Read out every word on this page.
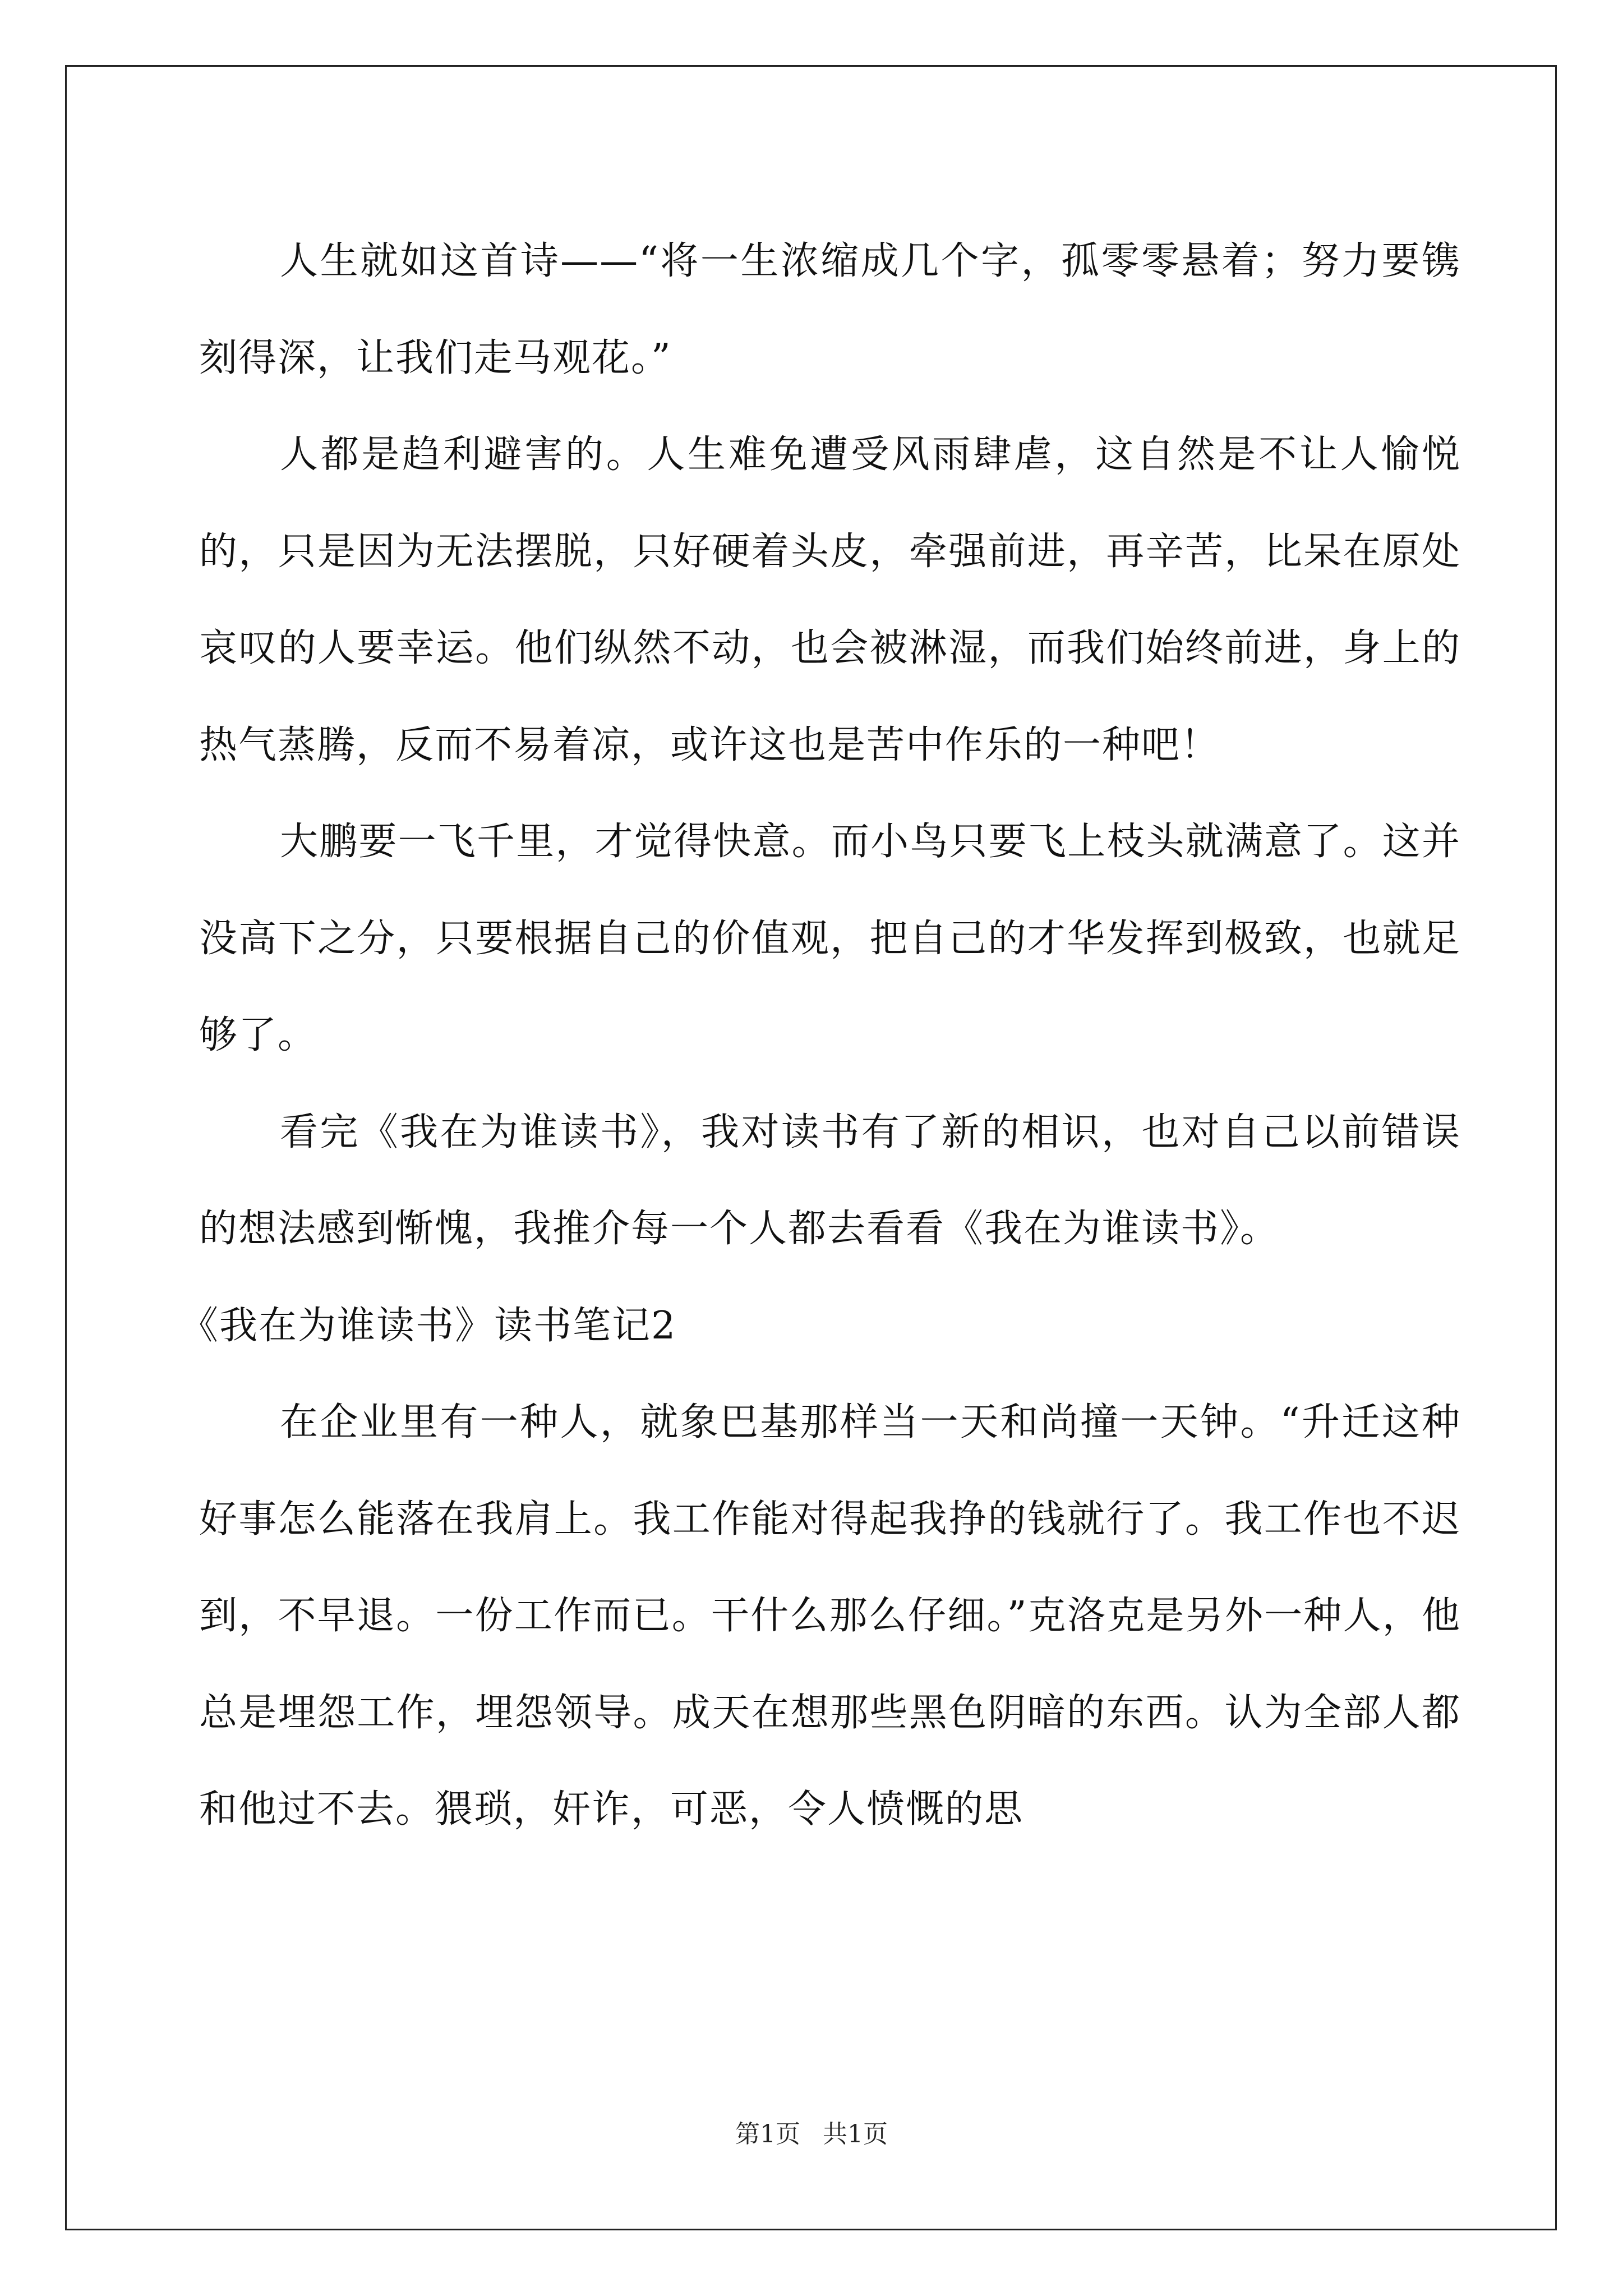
人生就如这首诗——“将一生浓缩成几个字，孤零零悬着；努力要镌刻得深，让我们走马观花。”

人都是趋利避害的。人生难免遭受风雨肆虐，这自然是不让人愉悦的，只是因为无法摆脱，只好硬着头皮，牵强前进，再辛苦，比呆在原处哀叹的人要幸运。他们纵然不动，也会被淋湿，而我们始终前进，身上的热气蒸腾，反而不易着凉，或许这也是苦中作乐的一种吧！

大鹏要一飞千里，才觉得快意。而小鸟只要飞上枝头就满意了。这并没高下之分，只要根据自己的价值观，把自己的才华发挥到极致，也就足够了。

看完《我在为谁读书》，我对读书有了新的相识，也对自己以前错误的想法感到惭愧，我推介每一个人都去看看《我在为谁读书》。

《我在为谁读书》读书笔记2

在企业里有一种人，就象巴基那样当一天和尚撞一天钟。“升迁这种好事怎么能落在我肩上。我工作能对得起我挣的钱就行了。我工作也不迟到，不早退。一份工作而已。干什么那么仔细。”克洛克是另外一种人，他总是埋怨工作，埋怨领导。成天在想那些黑色阴暗的东西。认为全部人都和他过不去。猥琐，奸诈，可恶，令人愤慨的思

第1页 共1页
